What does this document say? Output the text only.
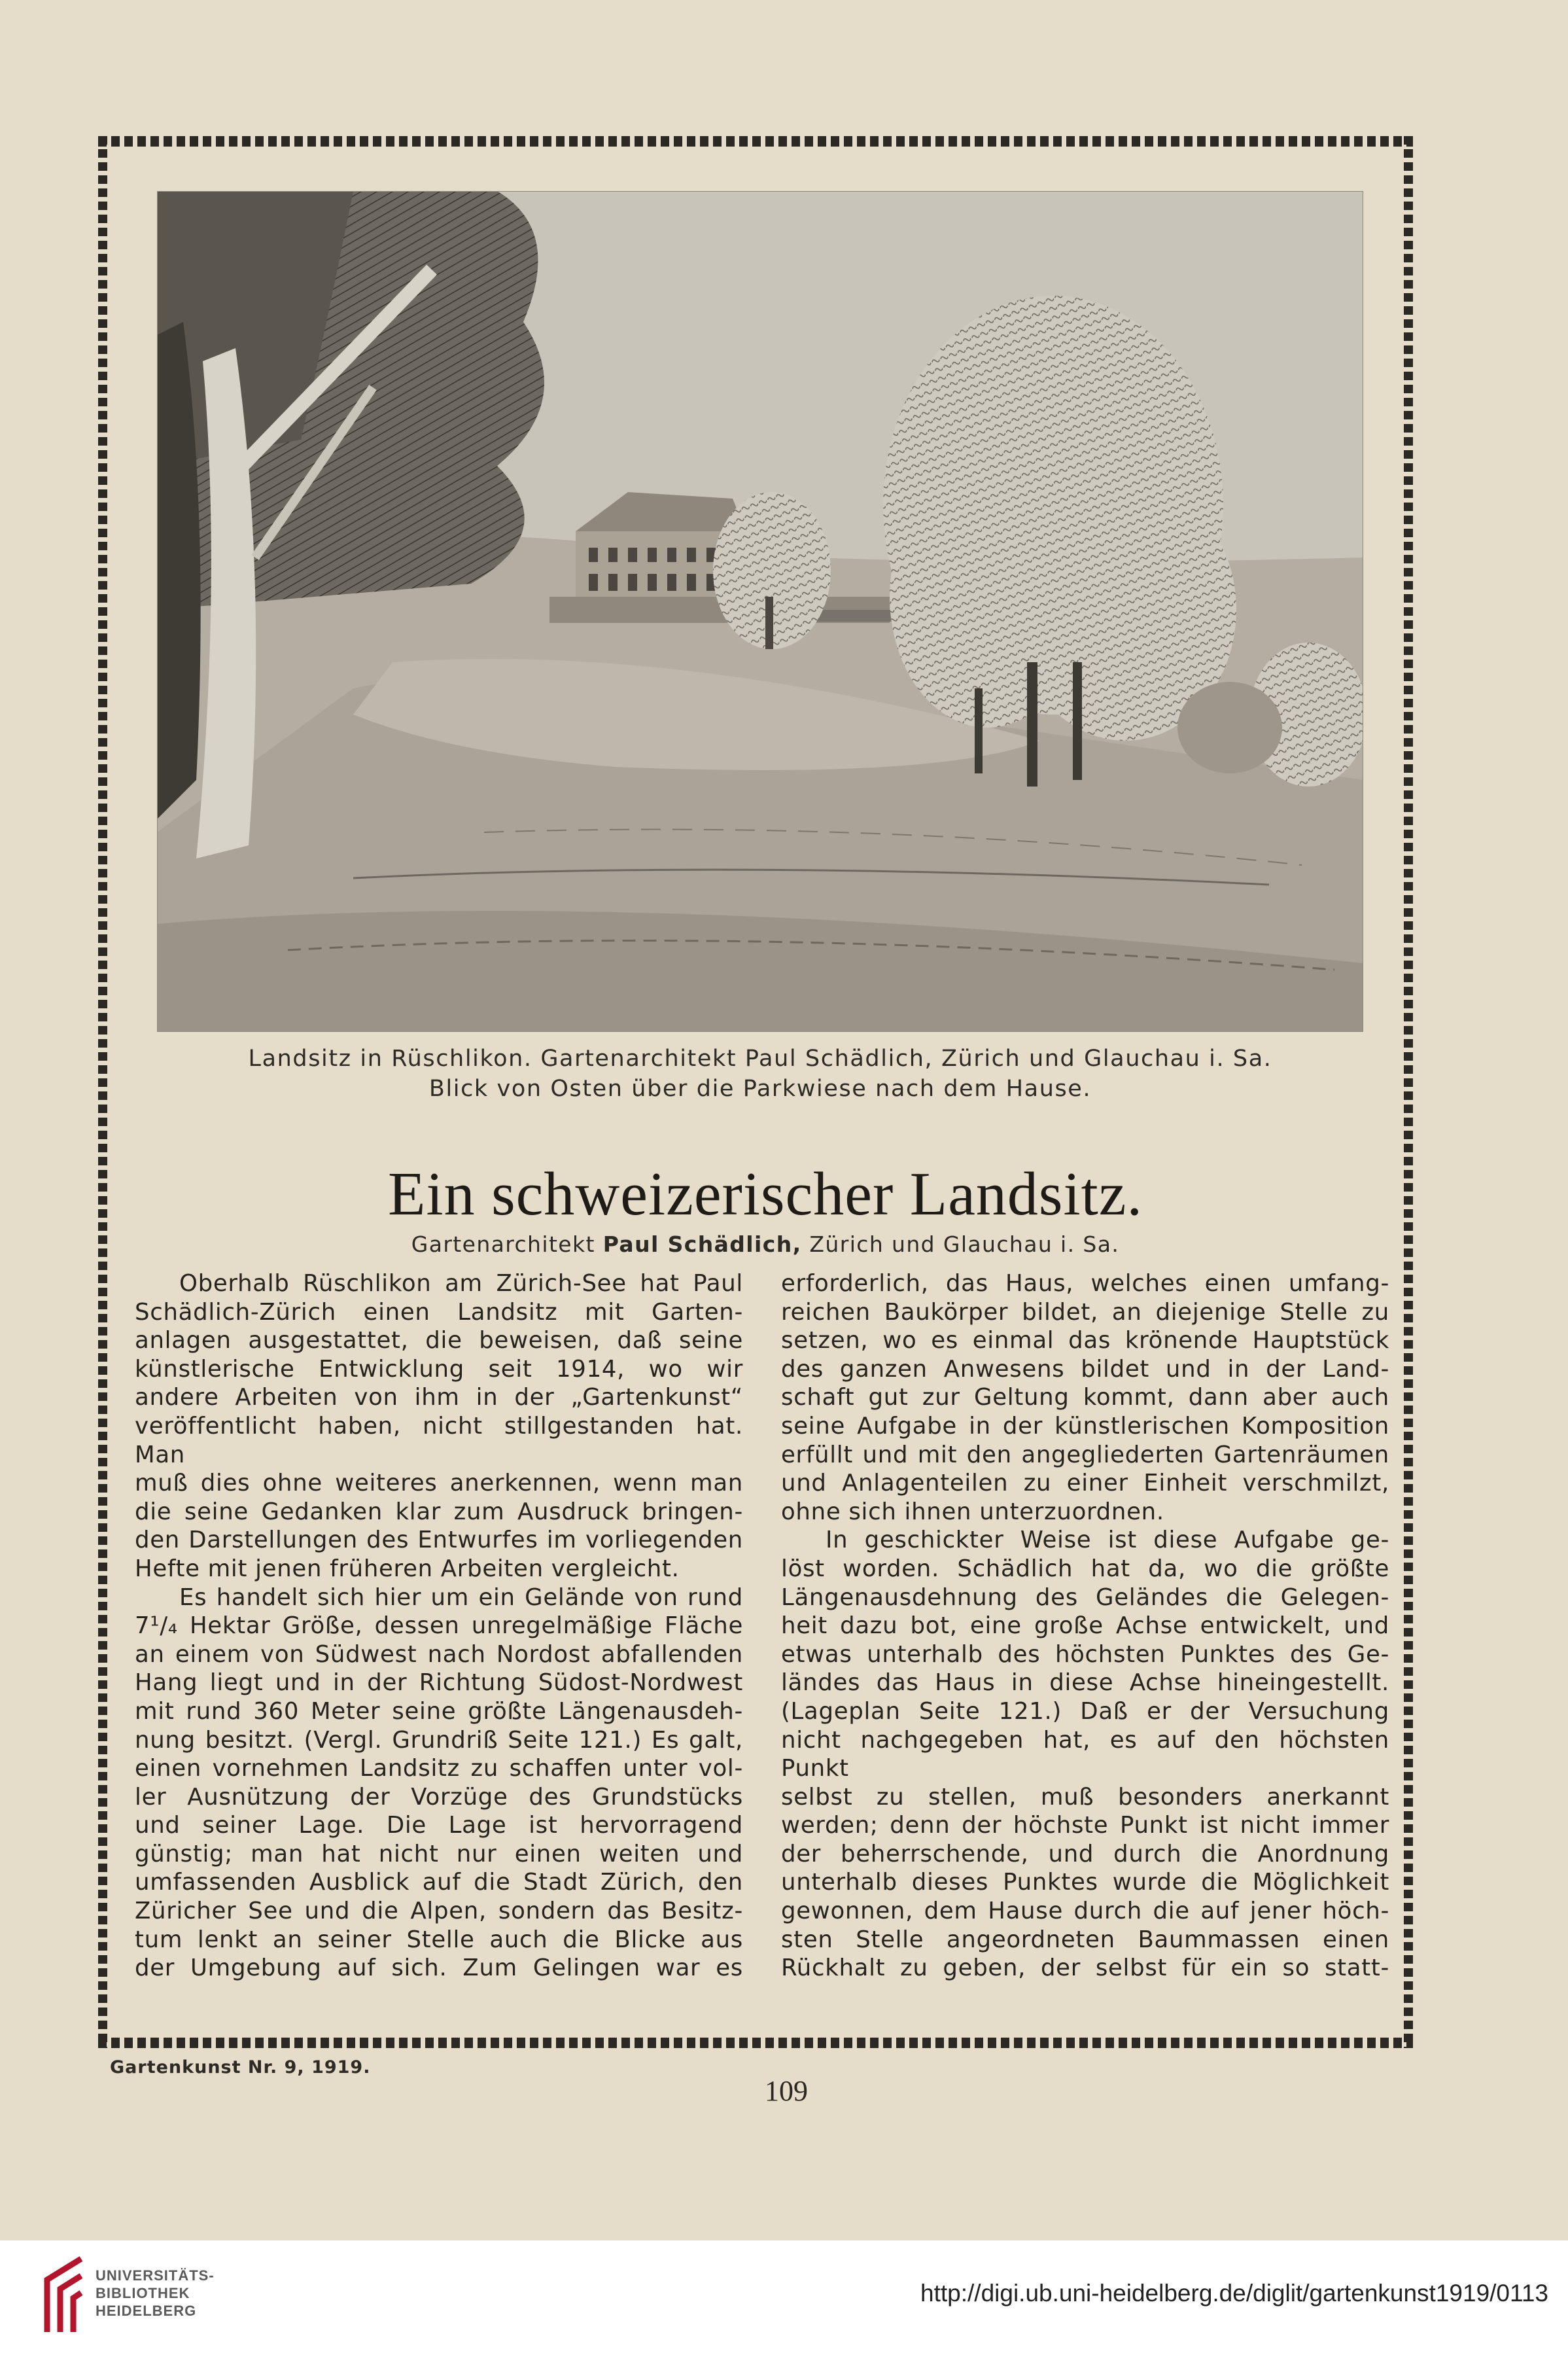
Landsitz in Rüschlikon. Gartenarchitekt Paul Schädlich, Zürich und Glauchau i. Sa.
Blick von Osten über die Parkwiese nach dem Hause.
Ein schweizerischer Landsitz.
Gartenarchitekt Paul Schädlich, Zürich und Glauchau i. Sa.

Oberhalb Rüschlikon am Zürich-See hat Paul

Schädlich-Zürich einen Landsitz mit Garten-

anlagen ausgestattet, die beweisen, daß seine

künstlerische Entwicklung seit 1914, wo wir

andere Arbeiten von ihm in der „Gartenkunst“

veröffentlicht haben, nicht stillgestanden hat. Man

muß dies ohne weiteres anerkennen, wenn man

die seine Gedanken klar zum Ausdruck bringen-

den Darstellungen des Entwurfes im vorliegenden

Hefte mit jenen früheren Arbeiten vergleicht.

Es handelt sich hier um ein Gelände von rund

7¹/₄ Hektar Größe, dessen unregelmäßige Fläche

an einem von Südwest nach Nordost abfallenden

Hang liegt und in der Richtung Südost-Nordwest

mit rund 360 Meter seine größte Längenausdeh-

nung besitzt. (Vergl. Grundriß Seite 121.) Es galt,

einen vornehmen Landsitz zu schaffen unter vol-

ler Ausnützung der Vorzüge des Grundstücks

und seiner Lage. Die Lage ist hervorragend

günstig; man hat nicht nur einen weiten und

umfassenden Ausblick auf die Stadt Zürich, den

Züricher See und die Alpen, sondern das Besitz-

tum lenkt an seiner Stelle auch die Blicke aus

der Umgebung auf sich. Zum Gelingen war es

erforderlich, das Haus, welches einen umfang-

reichen Baukörper bildet, an diejenige Stelle zu

setzen, wo es einmal das krönende Hauptstück

des ganzen Anwesens bildet und in der Land-

schaft gut zur Geltung kommt, dann aber auch

seine Aufgabe in der künstlerischen Komposition

erfüllt und mit den angegliederten Gartenräumen

und Anlagenteilen zu einer Einheit verschmilzt,

ohne sich ihnen unterzuordnen.

In geschickter Weise ist diese Aufgabe ge-

löst worden. Schädlich hat da, wo die größte

Längenausdehnung des Geländes die Gelegen-

heit dazu bot, eine große Achse entwickelt, und

etwas unterhalb des höchsten Punktes des Ge-

ländes das Haus in diese Achse hineingestellt.

(Lageplan Seite 121.) Daß er der Versuchung

nicht nachgegeben hat, es auf den höchsten Punkt

selbst zu stellen, muß besonders anerkannt

werden; denn der höchste Punkt ist nicht immer

der beherrschende, und durch die Anordnung

unterhalb dieses Punktes wurde die Möglichkeit

gewonnen, dem Hause durch die auf jener höch-

sten Stelle angeordneten Baummassen einen

Rückhalt zu geben, der selbst für ein so statt-

Gartenkunst Nr. 9, 1919.
109
UNIVERSITÄTS-
BIBLIOTHEK
HEIDELBERG
http://digi.ub.uni-heidelberg.de/diglit/gartenkunst1919/0113
